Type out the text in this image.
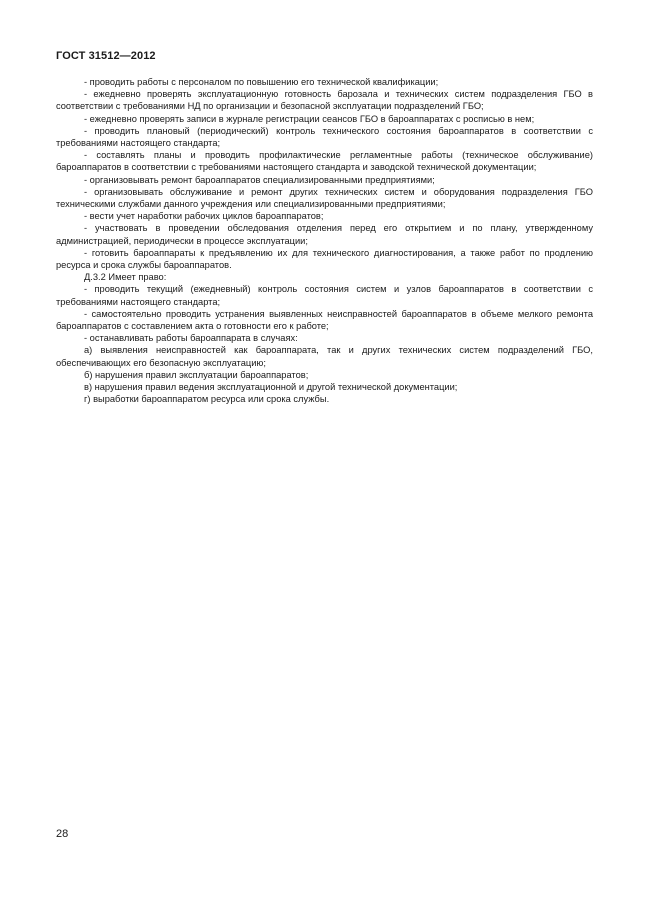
ГОСТ 31512—2012

- проводить работы с персоналом по повышению его технической квалификации;

- ежедневно проверять эксплуатационную готовность барозала и технических систем подразделения ГБО в соответствии с требованиями НД по организации и безопасной эксплуатации подразделений ГБО;

- ежедневно проверять записи в журнале регистрации сеансов ГБО в бароаппаратах с росписью в нем;

- проводить плановый (периодический) контроль технического состояния бароаппаратов в соответствии с требованиями настоящего стандарта;

- составлять планы и проводить профилактические регламентные работы (техническое обслуживание) бароаппаратов в соответствии с требованиями настоящего стандарта и заводской технической документации;

- организовывать ремонт бароаппаратов специализированными предприятиями;

- организовывать обслуживание и ремонт других технических систем и оборудования подразделения ГБО техническими службами данного учреждения или специализированными предприятиями;

- вести учет наработки рабочих циклов бароаппаратов;

- участвовать в проведении обследования отделения перед его открытием и по плану, утвержденному администрацией, периодически в процессе эксплуатации;

- готовить бароаппараты к предъявлению их для технического диагностирования, а также работ по продлению ресурса и срока службы бароаппаратов.

Д.3.2 Имеет право:

- проводить текущий (ежедневный) контроль состояния систем и узлов бароаппаратов в соответствии с требованиями настоящего стандарта;

- самостоятельно проводить устранения выявленных неисправностей бароаппаратов в объеме мелкого ремонта бароаппаратов с составлением акта о готовности его к работе;

- останавливать работы бароаппарата в случаях:

а) выявления неисправностей как бароаппарата, так и других технических систем подразделений ГБО, обеспечивающих его безопасную эксплуатацию;

б) нарушения правил эксплуатации бароаппаратов;

в) нарушения правил ведения эксплуатационной и другой технической документации;

г) выработки бароаппаратом ресурса или срока службы.

28
